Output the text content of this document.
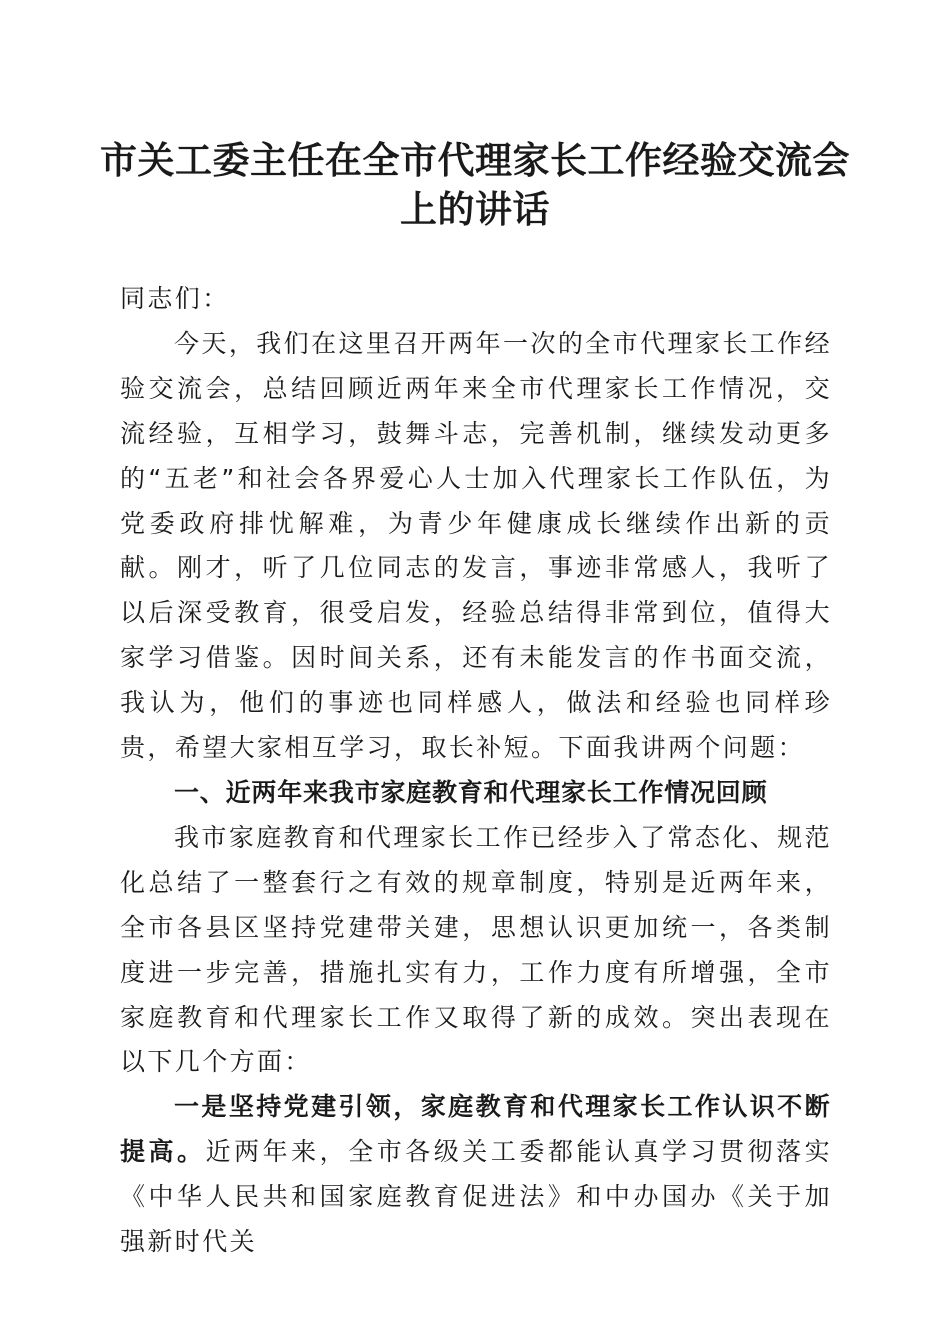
市关工委主任在全市代理家长工作经验交流会
上的讲话

同志们：

今天，我们在这里召开两年一次的全市代理家长工作经验交流会，总结回顾近两年来全市代理家长工作情况，交流经验，互相学习，鼓舞斗志，完善机制，继续发动更多的“五老”和社会各界爱心人士加入代理家长工作队伍，为党委政府排忧解难，为青少年健康成长继续作出新的贡献。刚才，听了几位同志的发言，事迹非常感人，我听了以后深受教育，很受启发，经验总结得非常到位，值得大家学习借鉴。因时间关系，还有未能发言的作书面交流，我认为，他们的事迹也同样感人，做法和经验也同样珍贵，希望大家相互学习，取长补短。下面我讲两个问题：

一、近两年来我市家庭教育和代理家长工作情况回顾

我市家庭教育和代理家长工作已经步入了常态化、规范化总结了一整套行之有效的规章制度，特别是近两年来，全市各县区坚持党建带关建，思想认识更加统一，各类制度进一步完善，措施扎实有力，工作力度有所增强，全市家庭教育和代理家长工作又取得了新的成效。突出表现在以下几个方面：

一是坚持党建引领，家庭教育和代理家长工作认识不断提高。近两年来，全市各级关工委都能认真学习贯彻落实《中华人民共和国家庭教育促进法》和中办国办《关于加强新时代关
